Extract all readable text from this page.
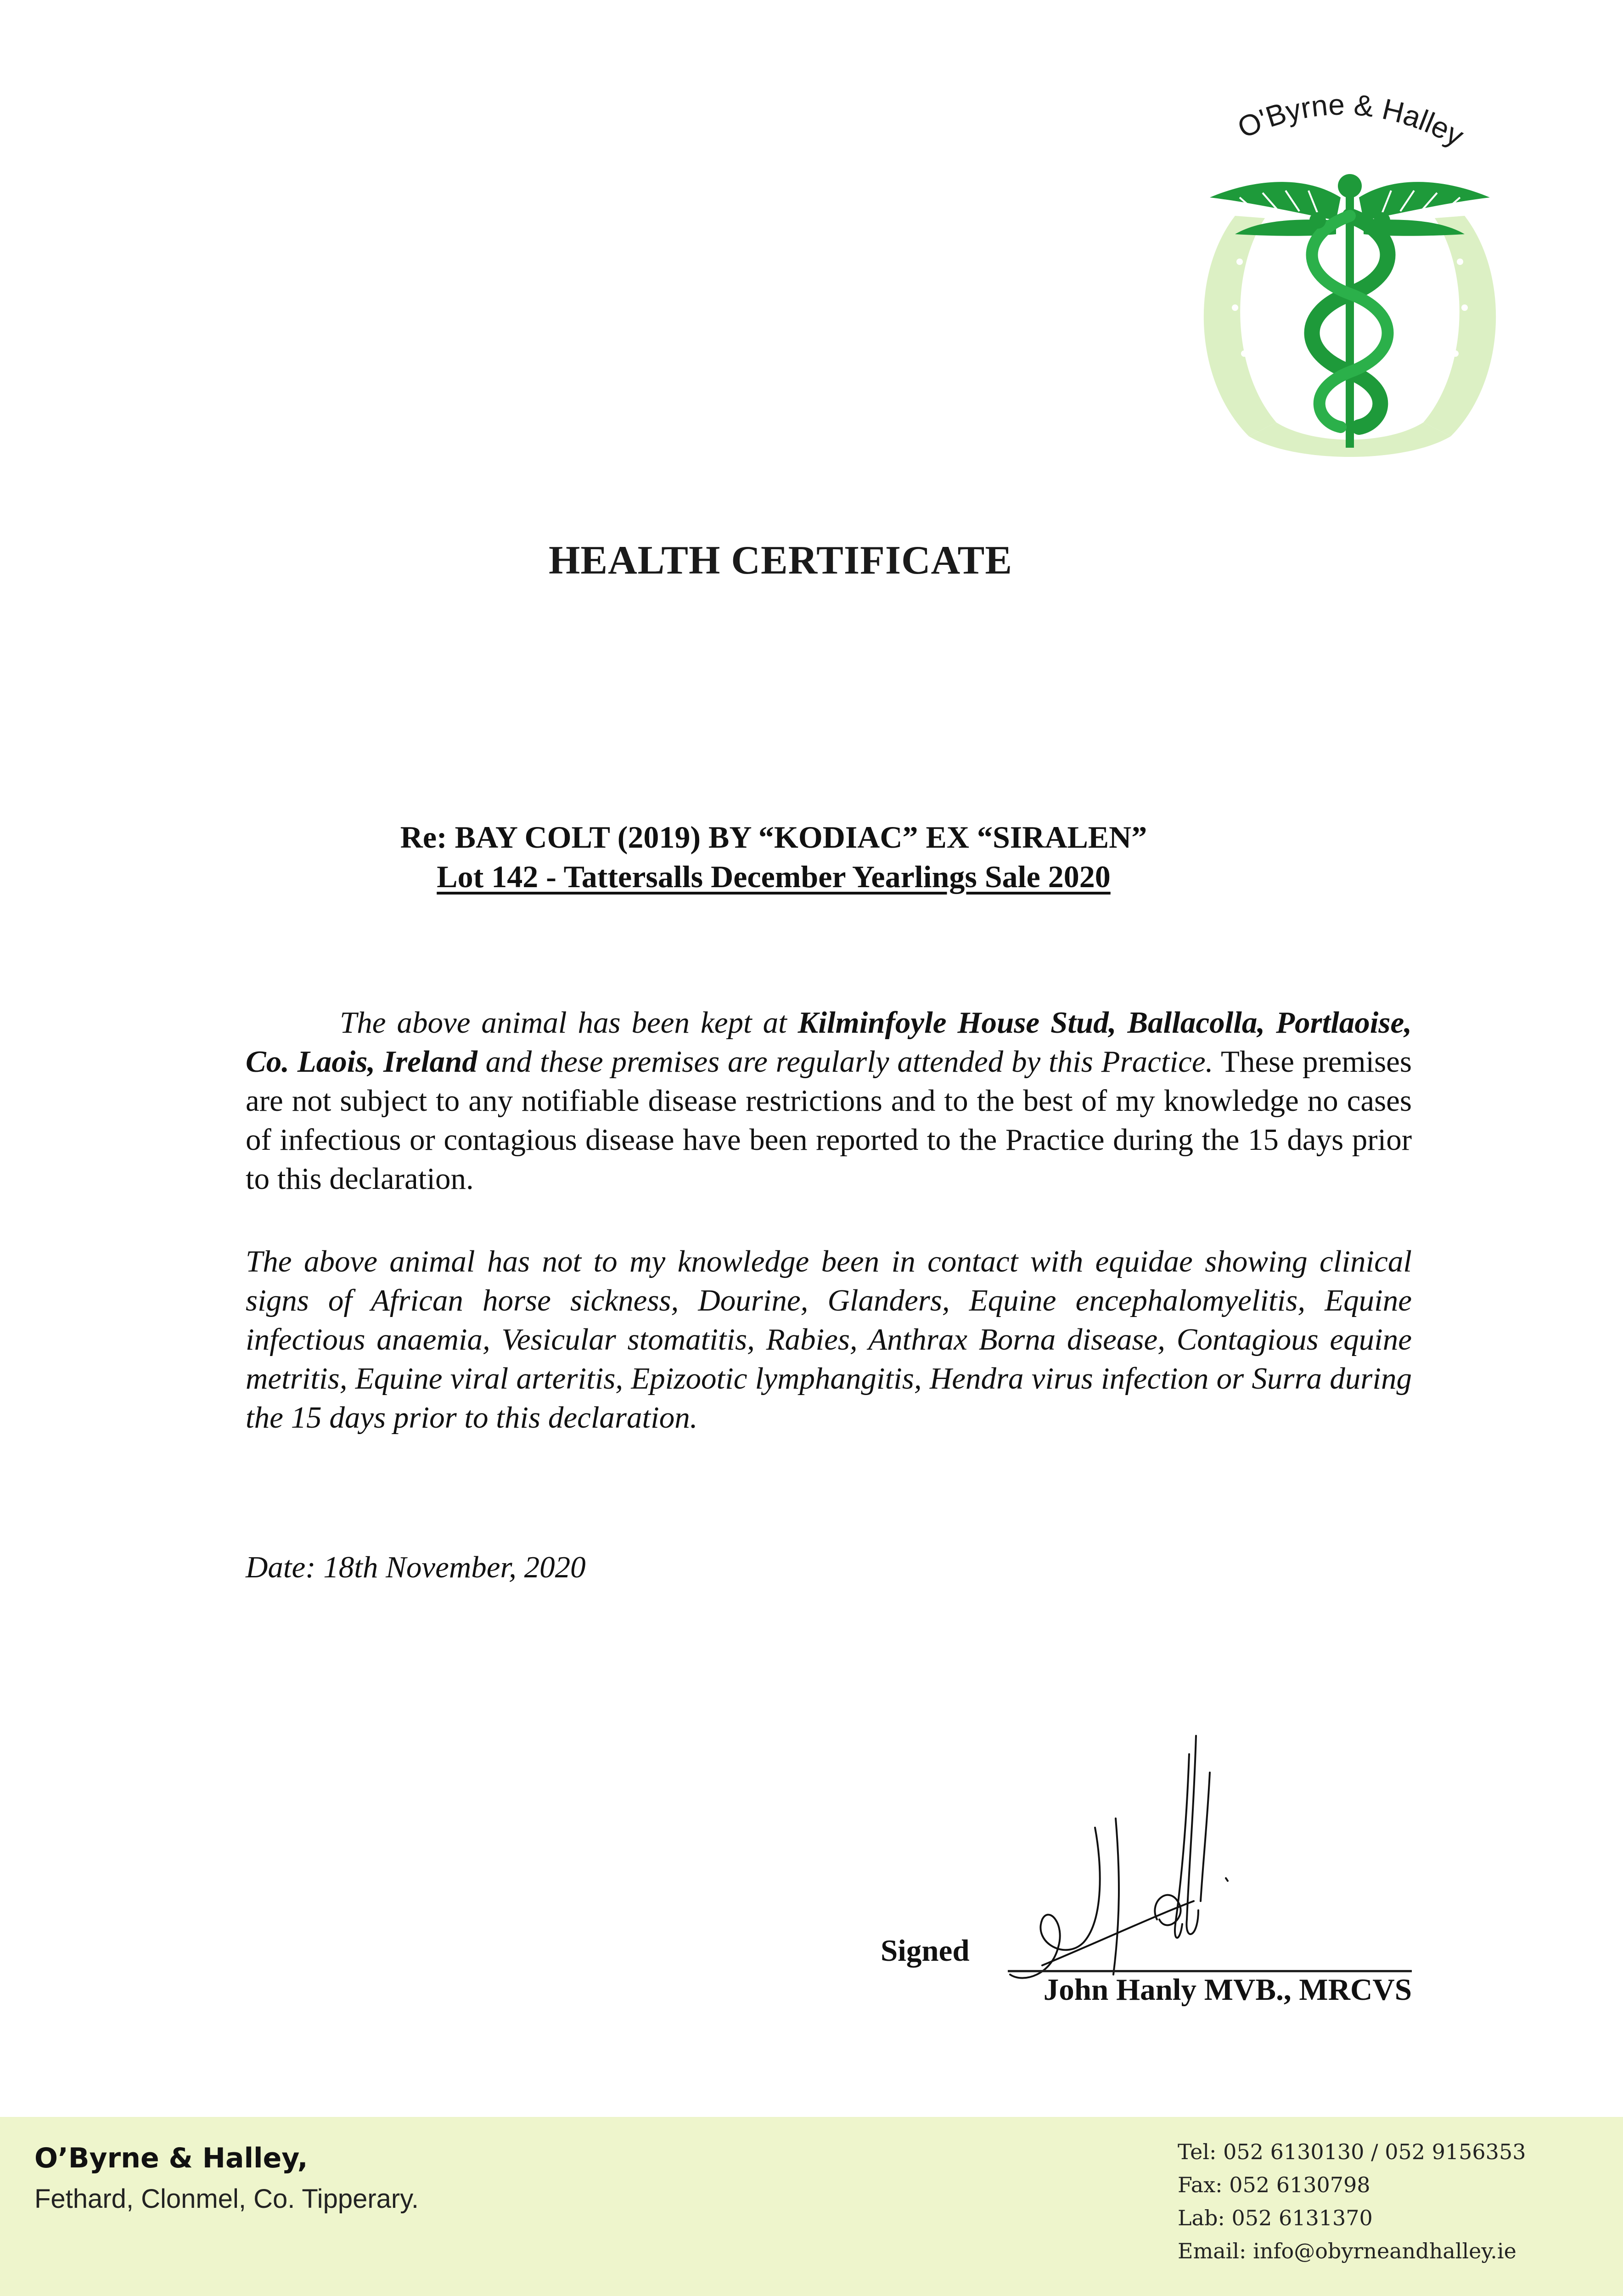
O'Byrne & Halley
HEALTH CERTIFICATE
Re: BAY COLT (2019) BY “KODIAC” EX “SIRALEN”
Lot 142 - Tattersalls December Yearlings Sale 2020
The above animal has been kept at Kilminfoyle House Stud, Ballacolla, Portlaoise, Co. Laois, Ireland and these premises are regularly attended by this Practice. These premises are not subject to any notifiable disease restrictions and to the best of my knowledge no cases of infectious or contagious disease have been reported to the Practice during the 15 days prior to this declaration.
The above animal has not to my knowledge been in contact with equidae showing clinical signs of African horse sickness, Dourine, Glanders, Equine encephalomyelitis, Equine infectious anaemia, Vesicular stomatitis, Rabies, Anthrax Borna disease, Contagious equine metritis, Equine viral arteritis, Epizootic lymphangitis, Hendra virus infection or Surra during the 15 days prior to this declaration.
Date: 18th November, 2020
Signed
John Hanly MVB., MRCVS
O’Byrne & Halley,
Fethard, Clonmel, Co. Tipperary.
Tel: 052 6130130 / 052 9156353
Fax: 052 6130798
Lab: 052 6131370
Email: info@obyrneandhalley.ie
